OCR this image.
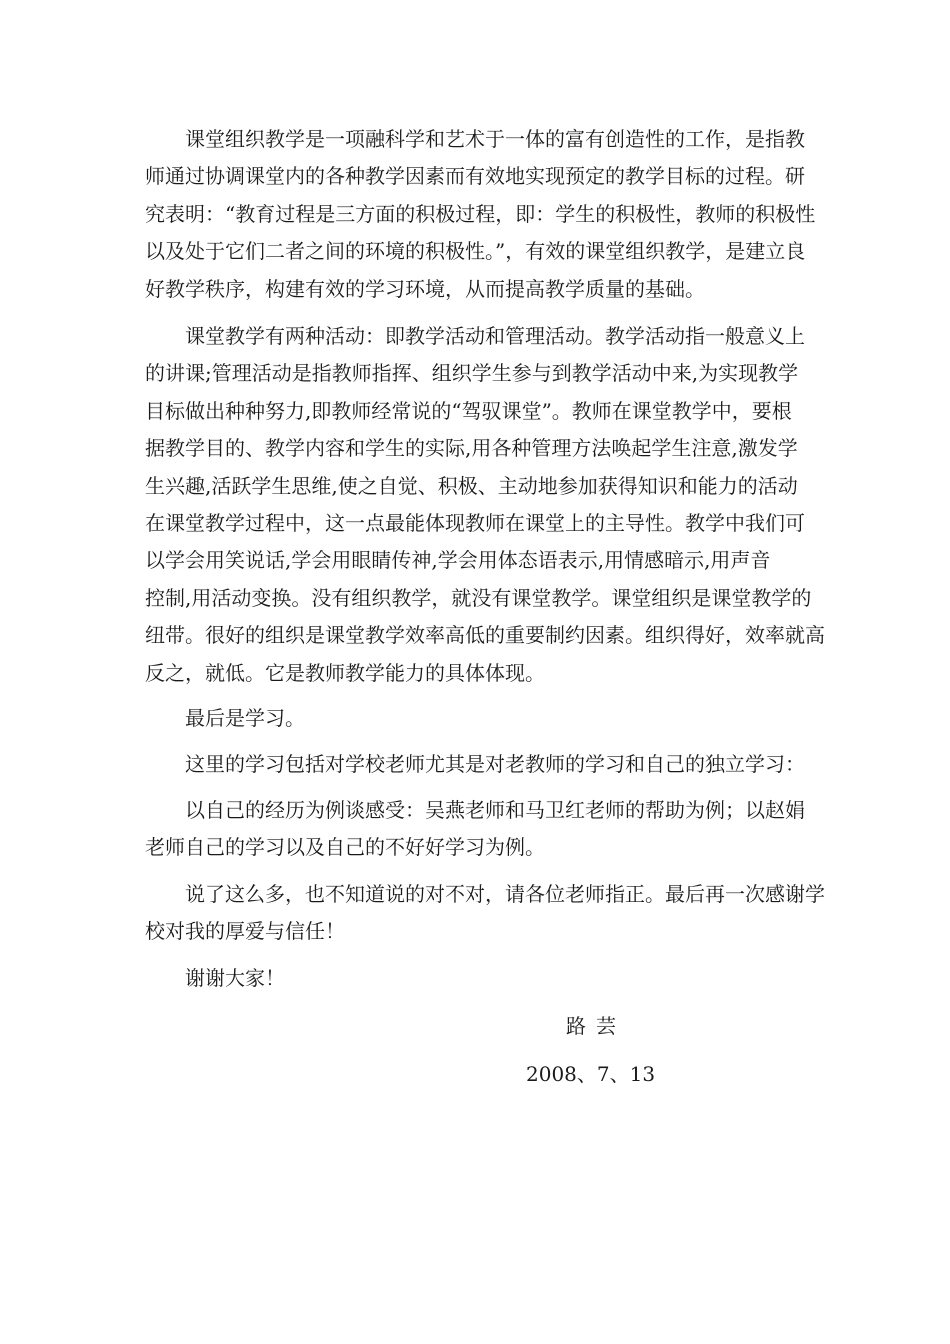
课堂组织教学是一项融科学和艺术于一体的富有创造性的工作，是指教
师通过协调课堂内的各种教学因素而有效地实现预定的教学目标的过程。研
究表明：“教育过程是三方面的积极过程，即：学生的积极性，教师的积极性
以及处于它们二者之间的环境的积极性。”，有效的课堂组织教学，是建立良
好教学秩序，构建有效的学习环境，从而提高教学质量的基础。
课堂教学有两种活动：即教学活动和管理活动。教学活动指一般意义上
的讲课;管理活动是指教师指挥、组织学生参与到教学活动中来,为实现教学
目标做出种种努力,即教师经常说的“驾驭课堂”。教师在课堂教学中，要根
据教学目的、教学内容和学生的实际,用各种管理方法唤起学生注意,激发学
生兴趣,活跃学生思维,使之自觉、积极、主动地参加获得知识和能力的活动
在课堂教学过程中，这一点最能体现教师在课堂上的主导性。教学中我们可
以学会用笑说话,学会用眼睛传神,学会用体态语表示,用情感暗示,用声音
控制,用活动变换。没有组织教学，就没有课堂教学。课堂组织是课堂教学的
纽带。很好的组织是课堂教学效率高低的重要制约因素。组织得好，效率就高
反之，就低。它是教师教学能力的具体体现。
最后是学习。
这里的学习包括对学校老师尤其是对老教师的学习和自己的独立学习：
以自己的经历为例谈感受：吴燕老师和马卫红老师的帮助为例；以赵娟
老师自己的学习以及自己的不好好学习为例。
说了这么多，也不知道说的对不对，请各位老师指正。最后再一次感谢学
校对我的厚爱与信任！
谢谢大家！
路芸
2008、7、13
